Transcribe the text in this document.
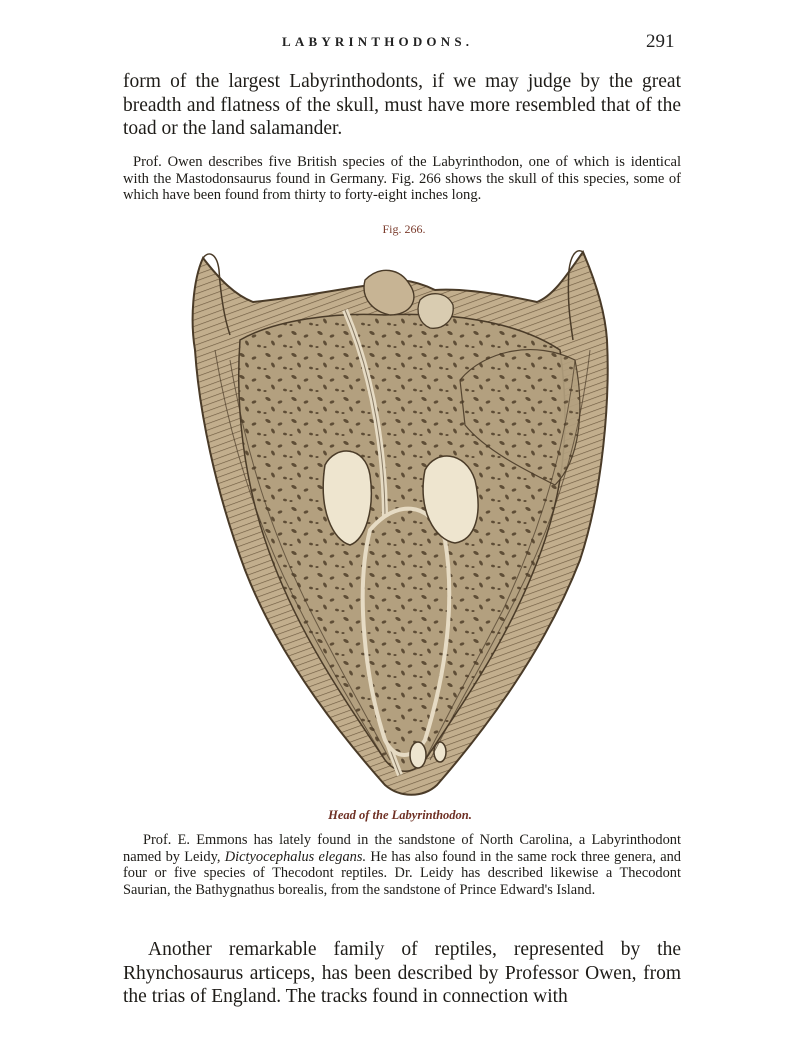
LABYRINTHODONS.	291
form of the largest Labyrinthodonts, if we may judge by the great breadth and flatness of the skull, must have more resembled that of the toad or the land salamander.
Prof. Owen describes five British species of the Labyrinthodon, one of which is identical with the Mastodonsaurus found in Germany. Fig. 266 shows the skull of this species, some of which have been found from thirty to forty-eight inches long.
Fig. 266.
Head of the Labyrinthodon.
Prof. E. Emmons has lately found in the sandstone of North Carolina, a Labyrinthodont named by Leidy, Dictyocephalus elegans. He has also found in the same rock three genera, and four or five species of Thecodont reptiles. Dr. Leidy has described likewise a Thecodont Saurian, the Bathygnathus borealis, from the sandstone of Prince Edward's Island.
Another remarkable family of reptiles, represented by the Rhynchosaurus articeps, has been described by Professor Owen, from the trias of England. The tracks found in connection with
